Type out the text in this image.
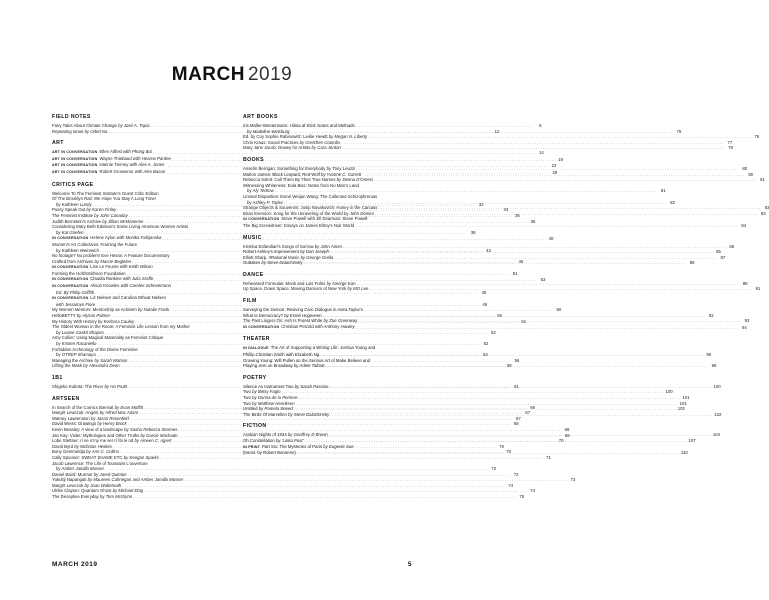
MARCH 2019
FIELD NOTES
Fairy Tales About Climate Change by José A. Tapia .....	8
Repeating Israel by Oded Na .....	12
ART
ART IN CONVERSATION Ellen Altfest with Phong Bui .....	14
ART IN CONVERSATION Wayne Thiebaud with Hearne Pardee .....	19
ART IN CONVERSATION Hannie Tierney with Alex A. Jones .....	23
ART IN CONVERSATION Robert Grosvenor with Alex Bacon .....	28
CRITICS PAGE
Welcome To The Feminist Institute's Guest Critic Edition
Of The Brooklyn Rail: We Hope You Stay A Long Time!
by Kathleen Lundy .....	32
Pussy Speak Out by Karen Finley .....	34
The Feminist Institute by John Canaday .....	35
Judith Bernstein's Archive by Jillian McManemin .....	36
Considering Mary Beth Edelson's Some Living American Women Artists
by Kat Griefen .....	38
IN CONVERSATION Helene Aylon with Monika Fabijanska .....	40
Women's Art Collectives: Framing the Future
by Kathleen Weinreich .....	43
No footage? No problem! Eve Hesse: A Feature Documentary
Crafted from Archives by Marcie Begleiter .....	46
IN CONVERSATION Lise Le Feuvre with Keith Wilson
Forming the Holt/Smithson Foundation .....	51
IN CONVERSATION Claudia Rankine with Julia Sraffe .....	53
IN CONVERSATION Alison Knowles with Carolee Schneemann
Ed. By Philip Griffith .....	45
IN CONVERSATION Liz Nielsen and Carolina Wheat Nielsen
with Jessamyn Fiore .....	49
My Women Mentors: Mentorship as Activism by Natalie Frank .....	50
HelloBETTY by Alyson Palmer .....	50
My History With History by Kechara Cauley .....	51
The Oldest Woman in the Room: A Feminist Life Lesson from my Mother
by Louise Gaskit Shapiro .....	52
Amy Collier: Using Magical Materiality as Feminist Critique
by Kristen Racaniello .....	52
Forbidden Archeology of the Divine Feminine
by OTREP Shamaya .....	54
Managing the Archive by Sarah Watson .....	56
Lifting the Mask by Alexandra Dean .....	58
1B1
Shigeko Kubota: The River by Ha Pruitt .....	61
ARTSEEN
In Search of the Comics Biennal by Evan Moffitt .....	66
Margrit Lewczuk: Angels by Alfred Mac Adam .....	67
Watney Lawrenston by Jason Rosenfeld .....	67
David Weiss: Drawings by Henry Brock .....	68
Kevin Beasley: A view of a landscape by Sasha Rebecca Stermes .....	68
Jan Kay: Violet: Mythologies and Other Truths by Darcie Machado .....	69
Lobe Stettner: rí ne m'ny me ser rí Ibi le nd by Ameen C. Ajpert .....	70
David Byrd by Nicholas Heskes .....	70
Bony Gemmeldja by Ann C. Collins .....	70
Cally Spooner: SWEAT SHAME ETC by Keegan Sparks .....	71
Jacob Lawrence: The Life of Toussaint L'ouverture
by Amber Jamilla Musser .....	72
Daniel Baird: Murmur by Jared Quinton .....	72
Yukultji Napangati by Maureen Cahnegan and Amber Jamilla Mosser .....	73
Margrit Lewczuk by Joan Waltemath .....	74
Ulrike Clayton: Quantum Ghost by Michael Ebig .....	74
The Deceptive Everyday by Tom McGlynn .....	75
ART BOOKS
Iris Müller-Westermann: Hilma af Klint: Notes and Methods
by Madeline Weisburg .....	76
Ed. by Coy Sophie Rabinowitz: Leslie Hewitt by Megan N. Liberty .....	76
Chris Kraus: Social Practices by Gretchen Coombs .....	77
Mary Jane Jacob: Dewey for Artists by Cara Jordan .....	78
BOOKS
Anselm Berrigan: Something for Everybody by Tony Leuzzi .....	80
Marlon James: Black Leopard, Red Wolf by Yvonne C. Garrett .....	80
Rebecca Solnit: Call Them By Their True Names by Deena D'Ornesi .....	81
Witnessing Whiteness: Eula Biss: Notes from No Man's Land
by Aly Tedrow .....	81
Liminal Disparities: Esmé Weijun Wang: The Collected Schizophrenias
by Ashley P. Taylor .....	82
Strange Objects & Souvenirs: Josip Novakovich: Honey in the Carcass .....	83
Brian Evenson: Song for the Unraveling of the World by John Domini .....	83
IN CONVERSATION Steve Powell with Jill Dearman: Steve Powell:
The Big Screwdriver: Essays on James Ellroy's Noir World .....	84
MUSIC
Kristina Esfandiari's Songs of Sorrow by John Amen .....	85
Robert Ashley's Improvement by Dan Joseph .....	85
Elliott Sharp, IrRational Music by George Grella .....	87
Outtakes by Steve Dalachinsky .....	88
DANCE
Rehearsed Formulas: Monk and Lois Fuller by George Kan .....	89
Up Space, Down Space: Moving Dancers of New York by MO Lee .....	91
FILM
Surveying the Demon: Reviving Civic Dialogue in Astra Taylor's
What Is Democracy? by Esmé Hogeveen .....	92
The Past Lingers On: Ash Is Purest White by Zoe Greenway .....	93
IN CONVERSATION Christian Petzold with Anthony Hawley .....	94
THEATER
IN DIALOGUE The Art of Supporting a Writing Life: Joshua Young and
Phillip Christian Smith with Elizabeth Ng .....	96
Growing Young: Will Pullen on the Serious Art of Make Believe and
Playing Jem on Broadway by Adele Talbott .....	98
POETRY
Silence As Instrument Two by Sarah Passino .....	100
Two by Betsy Fagin .....	100
Two by Donna de la Perriere .....	101
Two by Matthew Henriksen .....	101
Untitled by Pamela Sneed .....	102
The Birds Of Marvellen by Steve Dalachinsky .....	102
FICTION
Arabian Nights of 1934 by Geoffrey D Brown .....	104
Oh Constellation by 'Linka Post' .....	107
IN PRINT Part Six: The Mysteries of Paris by Eugenie Sue
(transl. by Robert Bononno) .....	110
MARCH 2019	5
